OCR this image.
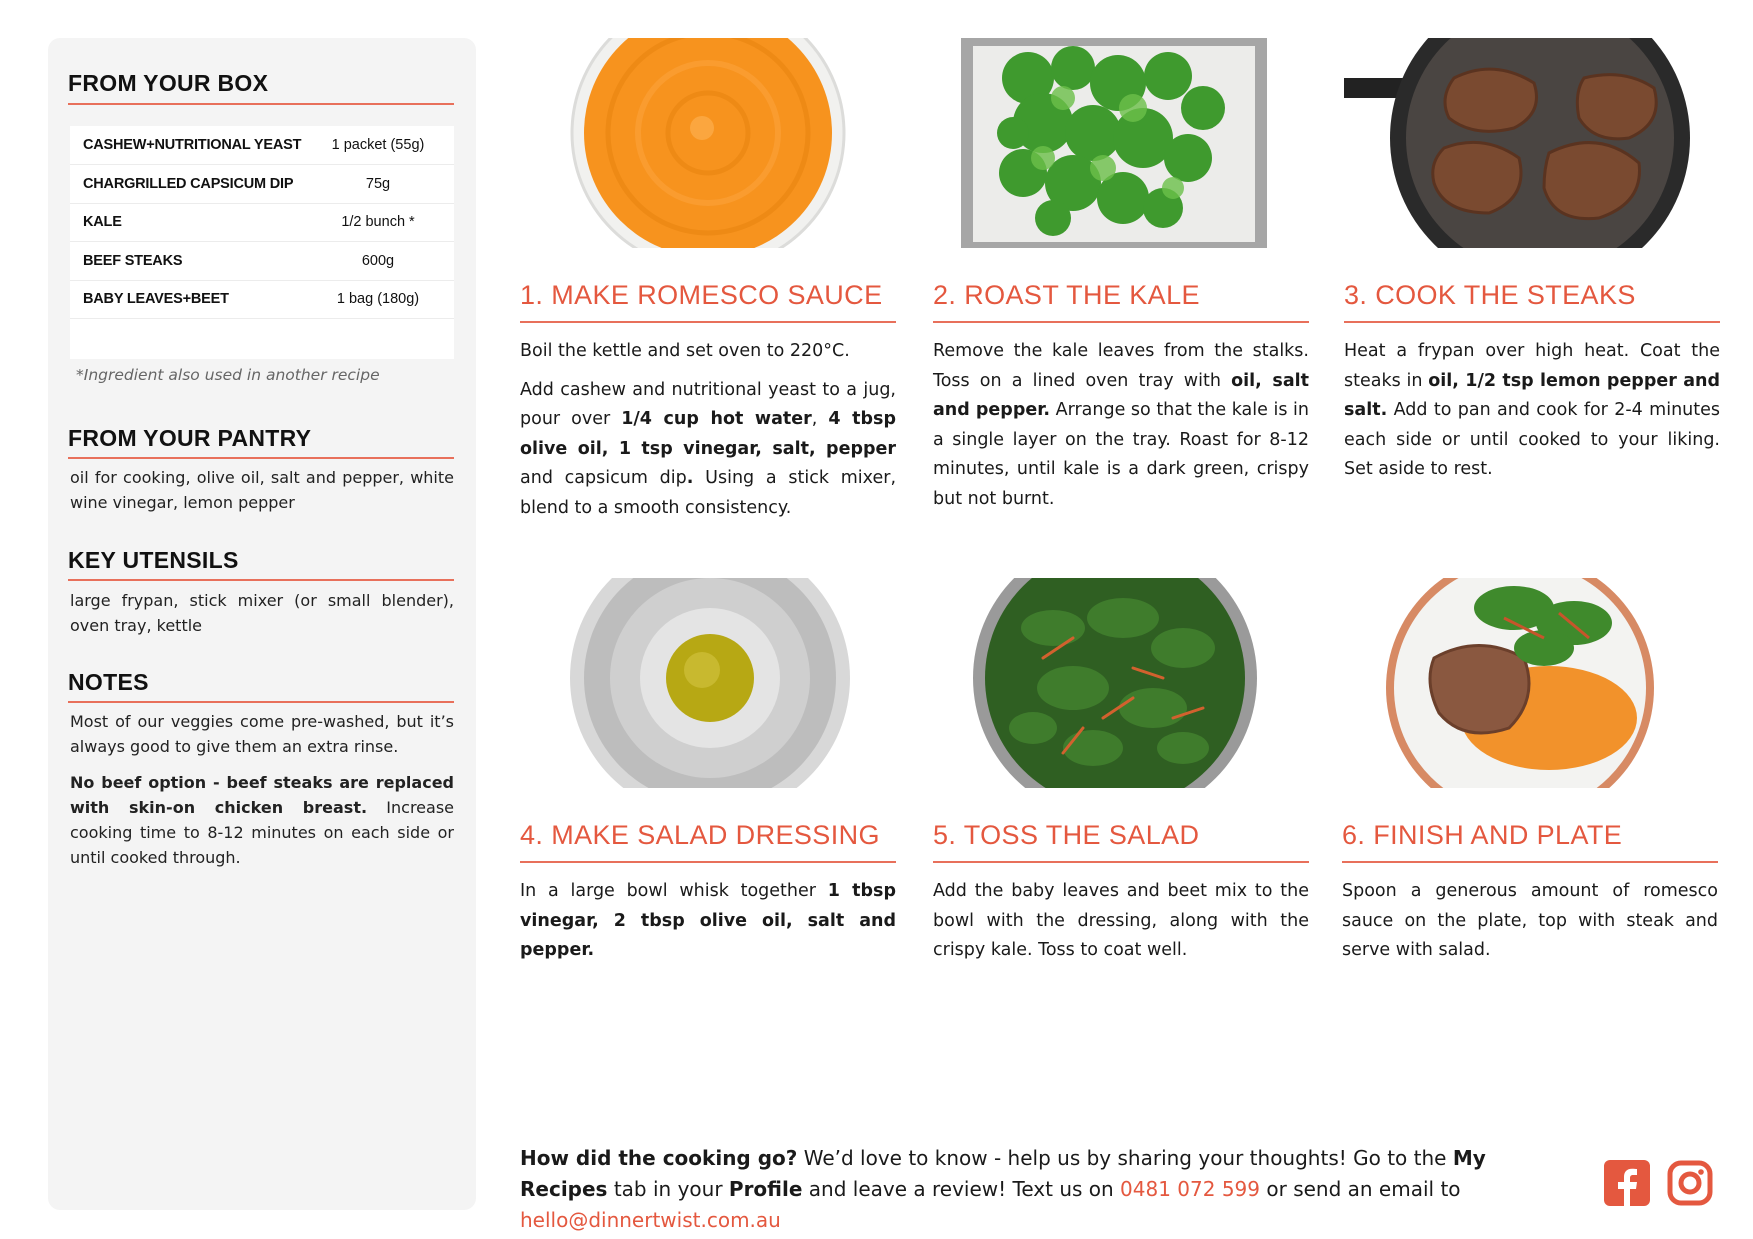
FROM YOUR BOX
CASHEW+NUTRITIONAL YEAST	1 packet (55g)
CHARGRILLED CAPSICUM DIP	75g
KALE	1/2 bunch *
BEEF STEAKS	600g
BABY LEAVES+BEET	1 bag (180g)

*Ingredient also used in another recipe
FROM YOUR PANTRY
oil for cooking, olive oil, salt and pepper, white wine vinegar, lemon pepper
KEY UTENSILS
large frypan, stick mixer (or small blender), oven tray, kettle
NOTES
Most of our veggies come pre-washed, but it’s always good to give them an extra rinse.
No beef option - beef steaks are replaced with skin-on chicken breast. Increase cooking time to 8-12 minutes on each side or until cooked through.
1. MAKE ROMESCO SAUCE

Boil the kettle and set oven to 220°C.

Add cashew and nutritional yeast to a jug, pour over 1/4 cup hot water, 4 tbsp olive oil, 1 tsp vinegar, salt, pepper and capsicum dip. Using a stick mixer, blend to a smooth consistency.

2. ROAST THE KALE

Remove the kale leaves from the stalks. Toss on a lined oven tray with oil, salt and pepper. Arrange so that the kale is in a single layer on the tray. Roast for 8-12 minutes, until kale is a dark green, crispy but not burnt.

3. COOK THE STEAKS

Heat a frypan over high heat. Coat the steaks in oil, 1/2 tsp lemon pepper and salt. Add to pan and cook for 2-4 minutes each side or until cooked to your liking. Set aside to rest.

4. MAKE SALAD DRESSING

In a large bowl whisk together 1 tbsp vinegar, 2 tbsp olive oil, salt and pepper.

5. TOSS THE SALAD

Add the baby leaves and beet mix to the bowl with the dressing, along with the crispy kale. Toss to coat well.

6. FINISH AND PLATE

Spoon a generous amount of romesco sauce on the plate, top with steak and serve with salad.

How did the cooking go? We’d love to know - help us by sharing your thoughts! Go to the My Recipes tab in your Profile and leave a review! Text us on 0481 072 599 or send an email to hello@dinnertwist.com.au
